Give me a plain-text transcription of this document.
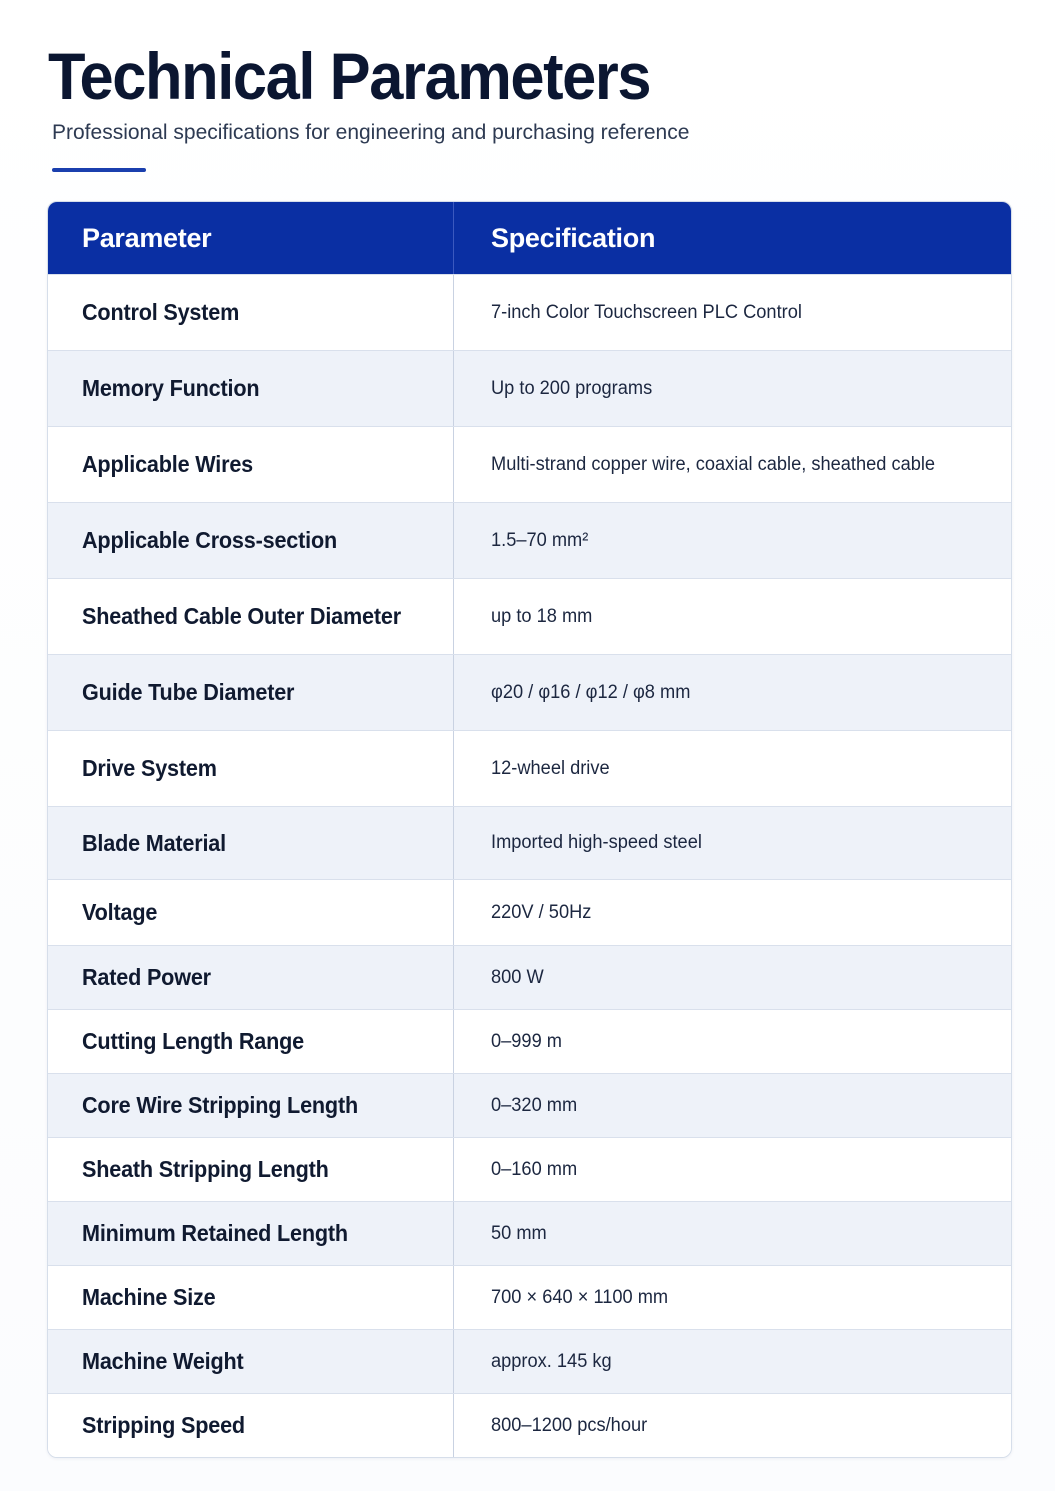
Technical Parameters

Professional specifications for engineering and purchasing reference

Parameter	Specification
Control System	7-inch Color Touchscreen PLC Control
Memory Function	Up to 200 programs
Applicable Wires	Multi-strand copper wire, coaxial cable, sheathed cable
Applicable Cross-section	1.5–70 mm²
Sheathed Cable Outer Diameter	up to 18 mm
Guide Tube Diameter	φ20 / φ16 / φ12 / φ8 mm
Drive System	12-wheel drive
Blade Material	Imported high-speed steel
Voltage	220V / 50Hz
Rated Power	800 W
Cutting Length Range	0–999 m
Core Wire Stripping Length	0–320 mm
Sheath Stripping Length	0–160 mm
Minimum Retained Length	50 mm
Machine Size	700 × 640 × 1100 mm
Machine Weight	approx. 145 kg
Stripping Speed	800–1200 pcs/hour
